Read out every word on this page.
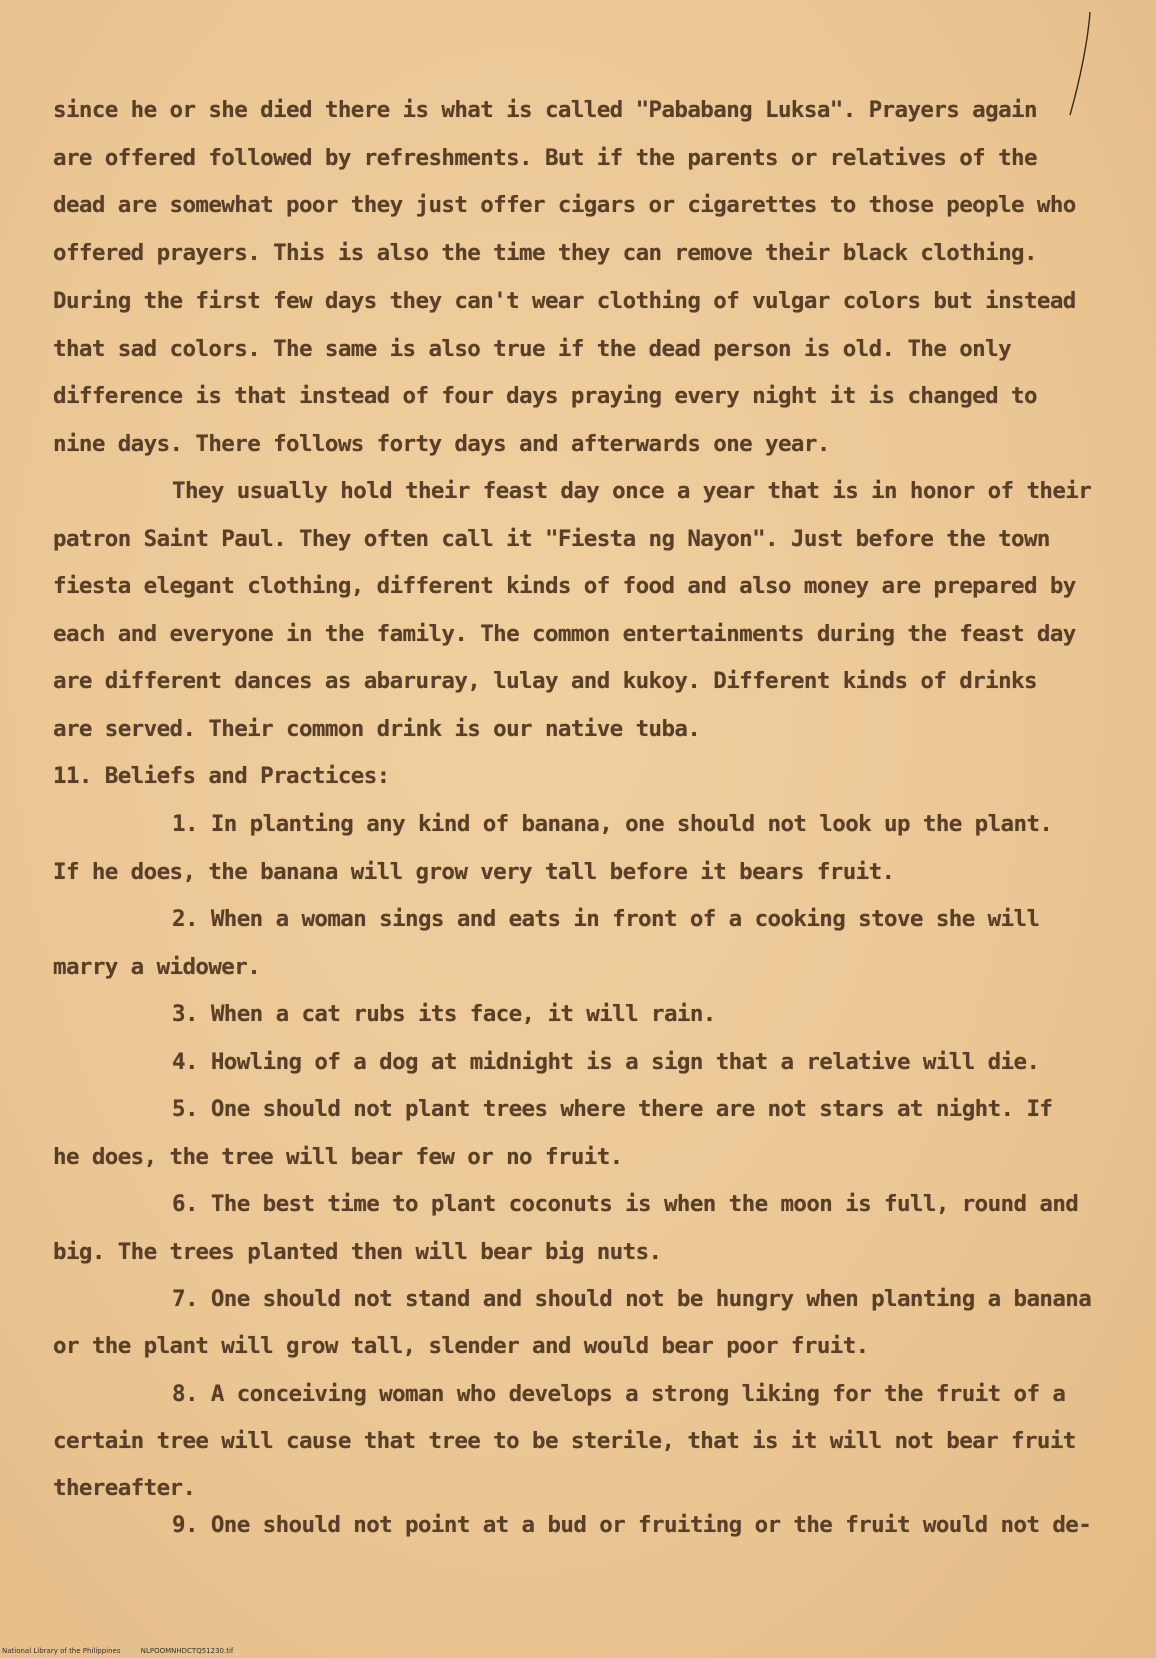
since he or she died there is what is called "Pababang Luksa". Prayers again
are offered followed by refreshments. But if the parents or relatives of the
dead are somewhat poor they just offer cigars or cigarettes to those people who
offered prayers. This is also the time they can remove their black clothing.
During the first few days they can't wear clothing of vulgar colors but instead
that sad colors. The same is also true if the dead person is old. The only
difference is that instead of four days praying every night it is changed to
nine days. There follows forty days and afterwards one year.
They usually hold their feast day once a year that is in honor of their
patron Saint Paul. They often call it "Fiesta ng Nayon". Just before the town
fiesta elegant clothing, different kinds of food and also money are prepared by
each and everyone in the family. The common entertainments during the feast day
are different dances as abaruray, lulay and kukoy. Different kinds of drinks
are served. Their common drink is our native tuba.
11. Beliefs and Practices:
1. In planting any kind of banana, one should not look up the plant.
If he does, the banana will grow very tall before it bears fruit.
2. When a woman sings and eats in front of a cooking stove she will
marry a widower.
3. When a cat rubs its face, it will rain.
4. Howling of a dog at midnight is a sign that a relative will die.
5. One should not plant trees where there are not stars at night. If
he does, the tree will bear few or no fruit.
6. The best time to plant coconuts is when the moon is full, round and
big. The trees planted then will bear big nuts.
7. One should not stand and should not be hungry when planting a banana
or the plant will grow tall, slender and would bear poor fruit.
8. A conceiving woman who develops a strong liking for the fruit of a
certain tree will cause that tree to be sterile, that is it will not bear fruit
thereafter.
9. One should not point at a bud or fruiting or the fruit would not de-
National Library of the Philippines	NLPOOMNHDCTQ51230.tif
